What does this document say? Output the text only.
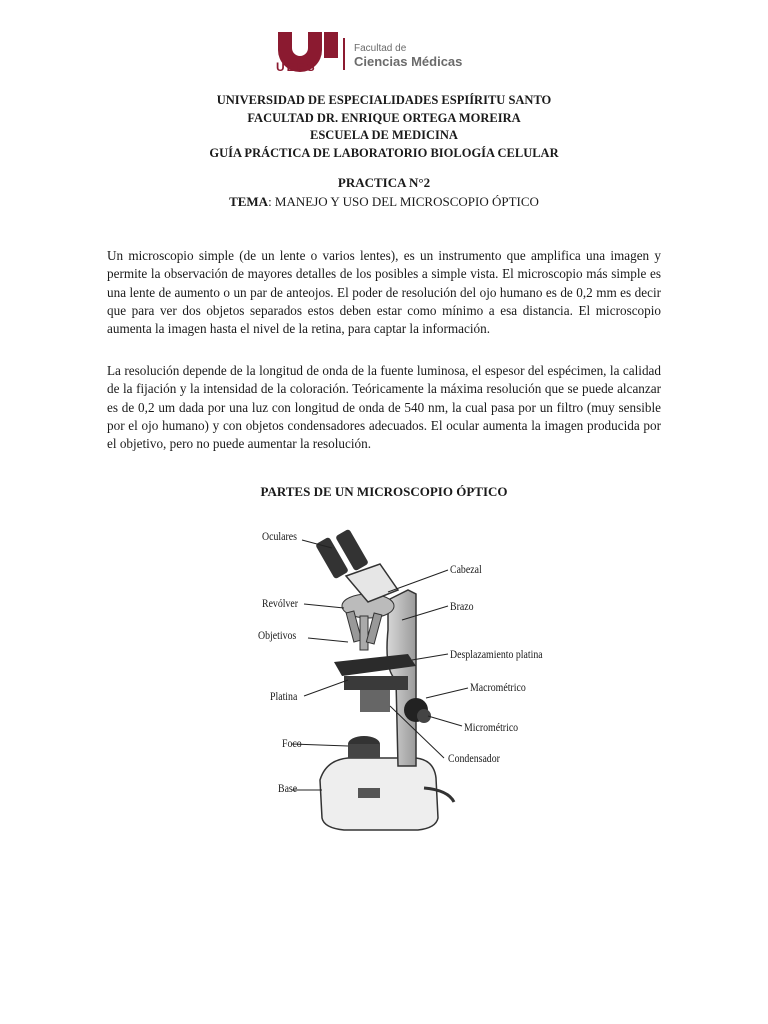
UEES
Facultad de
Ciencias Médicas
UNIVERSIDAD DE ESPECIALIDADES ESPIÍRITU SANTO
FACULTAD DR. ENRIQUE ORTEGA MOREIRA
ESCUELA DE MEDICINA
GUÍA PRÁCTICA DE LABORATORIO BIOLOGÍA CELULAR
PRACTICA N°2
TEMA: MANEJO Y USO DEL MICROSCOPIO ÓPTICO

Un microscopio simple (de un lente o varios lentes), es un instrumento que amplifica una imagen y permite la observación de mayores detalles de los posibles a simple vista. El microscopio más simple es una lente de aumento o un par de anteojos. El poder de resolución del ojo humano es de 0,2 mm es decir que para ver dos objetos separados estos deben estar como mínimo a esa distancia. El microscopio aumenta la imagen hasta el nivel de la retina, para captar la información.

La resolución depende de la longitud de onda de la fuente luminosa, el espesor del espécimen, la calidad de la fijación y la intensidad de la coloración. Teóricamente la máxima resolución que se puede alcanzar es de 0,2 um dada por una luz con longitud de onda de 540 nm, la cual pasa por un filtro (muy sensible por el ojo humano) y con objetos condensadores adecuados. El ocular aumenta la imagen producida por el objetivo, pero no puede aumentar la resolución.

PARTES DE UN MICROSCOPIO ÓPTICO
Oculares
Revólver
Objetivos
Platina
Foco
Base
Cabezal
Brazo
Desplazamiento platina
Macrométrico
Micrométrico
Condensador
